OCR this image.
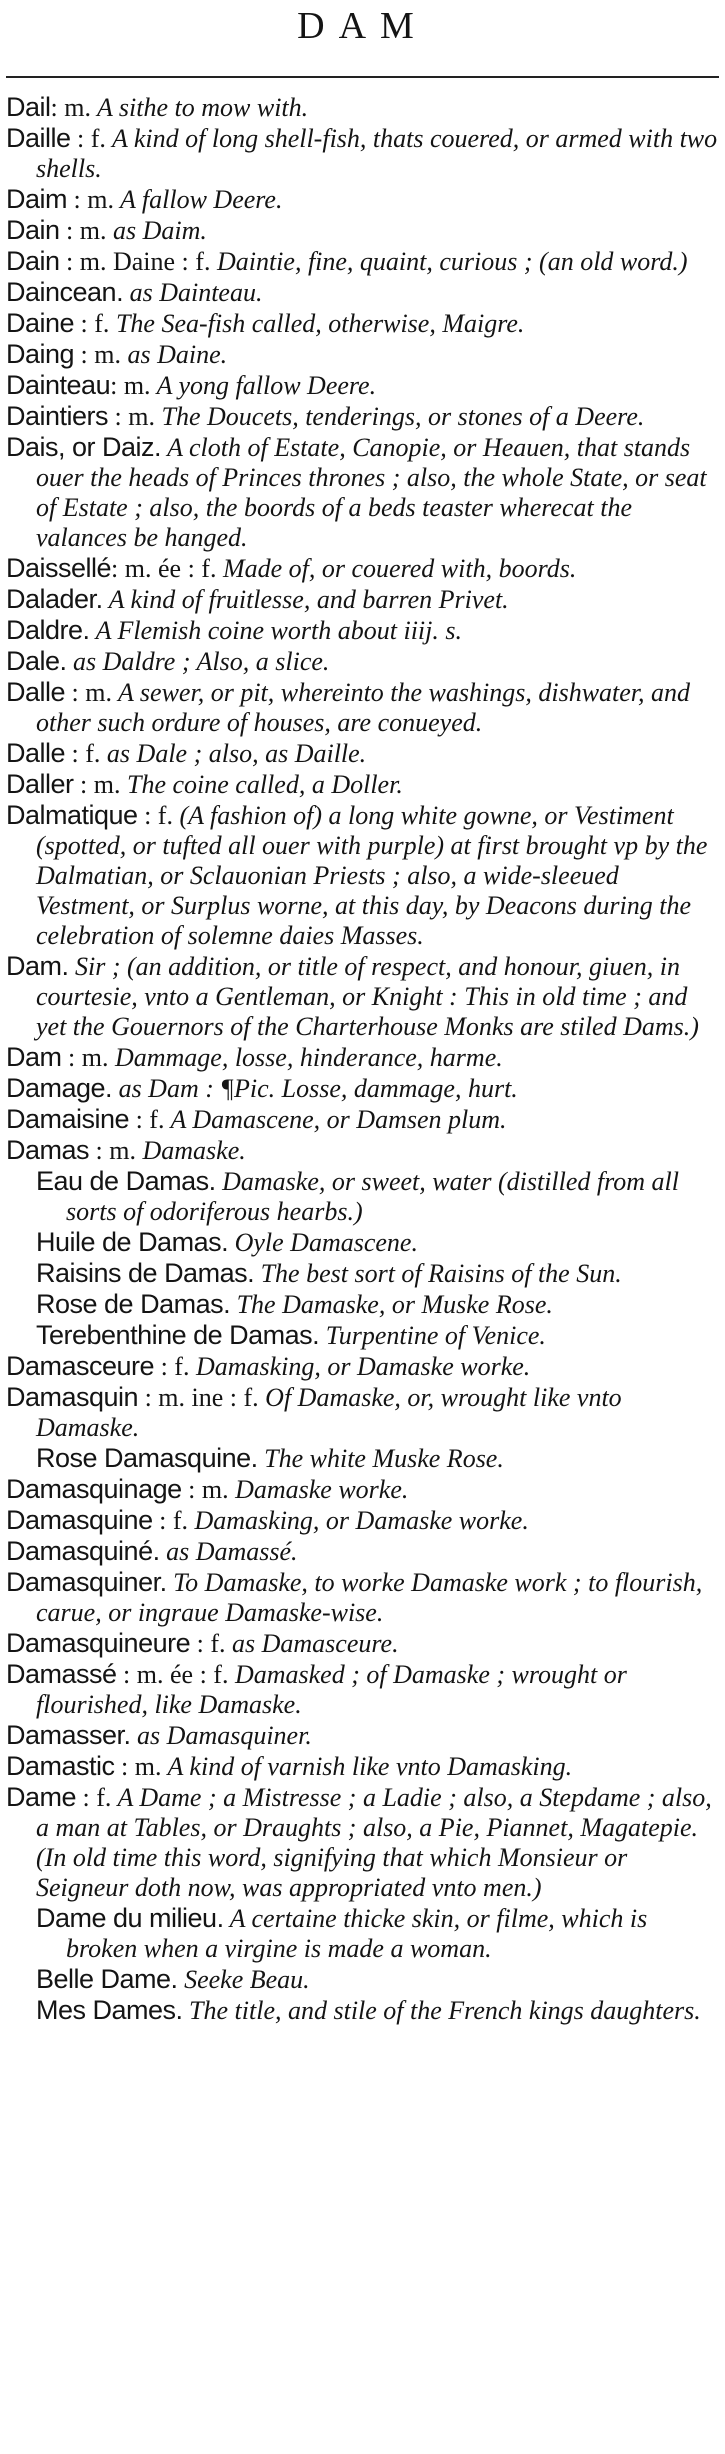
DAM

Dail: m. A sithe to mow with.

Daille : f. A kind of long shell-fish, thats couered, or armed with two shells.

Daim : m. A fallow Deere.

Dain : m. as Daim.

Dain : m. Daine : f. Daintie, fine, quaint, curious ; (an old word.)

Daincean. as Dainteau.

Daine : f. The Sea-fish called, otherwise, Maigre.

Daing : m. as Daine.

Dainteau: m. A yong fallow Deere.

Daintiers : m. The Doucets, tenderings, or stones of a Deere.

Dais, or Daiz. A cloth of Estate, Canopie, or Heauen, that stands ouer the heads of Princes thrones ; also, the whole State, or seat of Estate ; also, the boords of a beds teaster wherecat the valances be hanged.

Daissellé: m. ée : f. Made of, or couered with, boords.

Dalader. A kind of fruitlesse, and barren Privet.

Daldre. A Flemish coine worth about iiij. s.

Dale. as Daldre ; Also, a slice.

Dalle : m. A sewer, or pit, whereinto the washings, dishwater, and other such ordure of houses, are conueyed.

Dalle : f. as Dale ; also, as Daille.

Daller : m. The coine called, a Doller.

Dalmatique : f. (A fashion of) a long white gowne, or Vestiment (spotted, or tufted all ouer with purple) at first brought vp by the Dalmatian, or Sclauonian Priests ; also, a wide-sleeued Vestment, or Surplus worne, at this day, by Deacons during the celebration of solemne daies Masses.

Dam. Sir ; (an addition, or title of respect, and honour, giuen, in courtesie, vnto a Gentleman, or Knight : This in old time ; and yet the Gouernors of the Charterhouse Monks are stiled Dams.)

Dam : m. Dammage, losse, hinderance, harme.

Damage. as Dam : ¶Pic. Losse, dammage, hurt.

Damaisine : f. A Damascene, or Damsen plum.

Damas : m. Damaske.

Eau de Damas. Damaske, or sweet, water (distilled from all sorts of odoriferous hearbs.)

Huile de Damas. Oyle Damascene.

Raisins de Damas. The best sort of Raisins of the Sun.

Rose de Damas. The Damaske, or Muske Rose.

Terebenthine de Damas. Turpentine of Venice.

Damasceure : f. Damasking, or Damaske worke.

Damasquin : m. ine : f. Of Damaske, or, wrought like vnto Damaske.

Rose Damasquine. The white Muske Rose.

Damasquinage : m. Damaske worke.

Damasquine : f. Damasking, or Damaske worke.

Damasquiné. as Damassé.

Damasquiner. To Damaske, to worke Damaske work ; to flourish, carue, or ingraue Damaske-wise.

Damasquineure : f. as Damasceure.

Damassé : m. ée : f. Damasked ; of Damaske ; wrought or flourished, like Damaske.

Damasser. as Damasquiner.

Damastic : m. A kind of varnish like vnto Damasking.

Dame : f. A Dame ; a Mistresse ; a Ladie ; also, a Stepdame ; also, a man at Tables, or Draughts ; also, a Pie, Piannet, Magatepie. (In old time this word, signifying that which Monsieur or Seigneur doth now, was appropriated vnto men.)

Dame du milieu. A certaine thicke skin, or filme, which is broken when a virgine is made a woman.

Belle Dame. Seeke Beau.

Mes Dames. The title, and stile of the French kings daughters.
